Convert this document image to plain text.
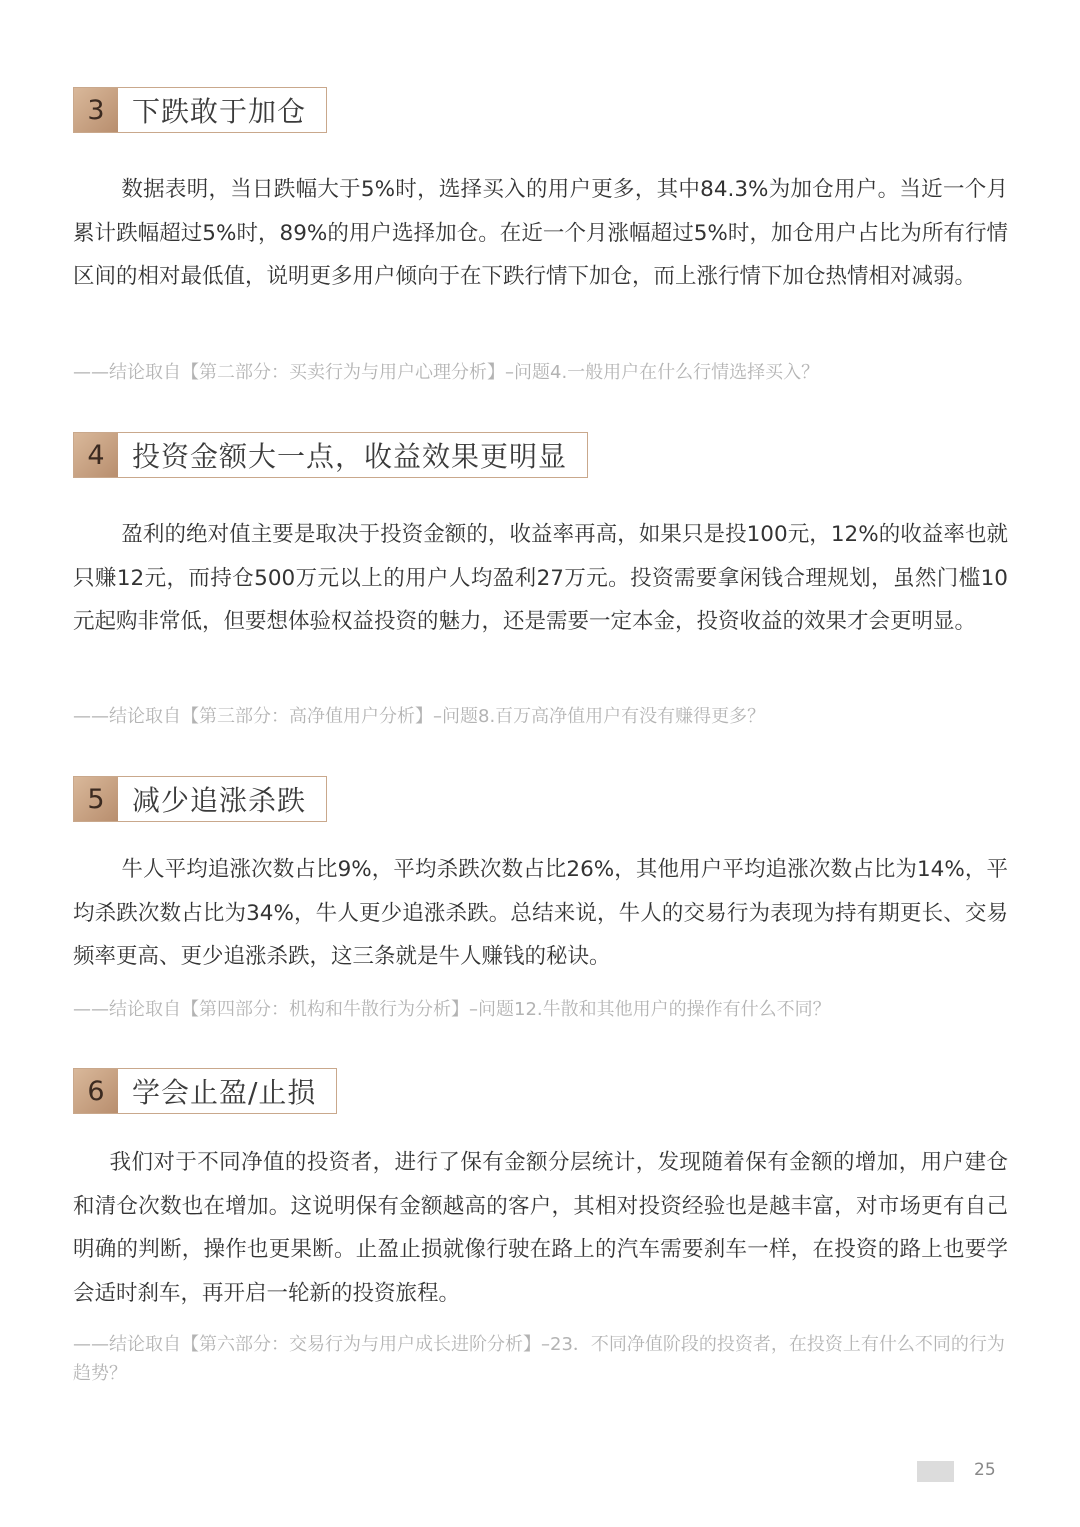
3 下跌敢于加仓

数据表明，当日跌幅大于5%时，选择买入的用户更多，其中84.3%为加仓用户。当近一个月累计跌幅超过5%时，89%的用户选择加仓。在近一个月涨幅超过5%时，加仓用户占比为所有行情区间的相对最低值，说明更多用户倾向于在下跌行情下加仓，而上涨行情下加仓热情相对减弱。

——结论取自【第二部分：买卖行为与用户心理分析】–问题4.一般用户在什么行情选择买入？

4 投资金额大一点，收益效果更明显

盈利的绝对值主要是取决于投资金额的，收益率再高，如果只是投100元，12%的收益率也就只赚12元，而持仓500万元以上的用户人均盈利27万元。投资需要拿闲钱合理规划，虽然门槛10元起购非常低，但要想体验权益投资的魅力，还是需要一定本金，投资收益的效果才会更明显。

——结论取自【第三部分：高净值用户分析】–问题8.百万高净值用户有没有赚得更多？

5 减少追涨杀跌

牛人平均追涨次数占比9%，平均杀跌次数占比26%，其他用户平均追涨次数占比为14%，平均杀跌次数占比为34%，牛人更少追涨杀跌。总结来说，牛人的交易行为表现为持有期更长、交易频率更高、更少追涨杀跌，这三条就是牛人赚钱的秘诀。

——结论取自【第四部分：机构和牛散行为分析】–问题12.牛散和其他用户的操作有什么不同？

6 学会止盈/止损

我们对于不同净值的投资者，进行了保有金额分层统计，发现随着保有金额的增加，用户建仓和清仓次数也在增加。这说明保有金额越高的客户，其相对投资经验也是越丰富，对市场更有自己明确的判断，操作也更果断。止盈止损就像行驶在路上的汽车需要刹车一样，在投资的路上也要学会适时刹车，再开启一轮新的投资旅程。

——结论取自【第六部分：交易行为与用户成长进阶分析】–23．不同净值阶段的投资者，在投资上有什么不同的行为趋势？

25
